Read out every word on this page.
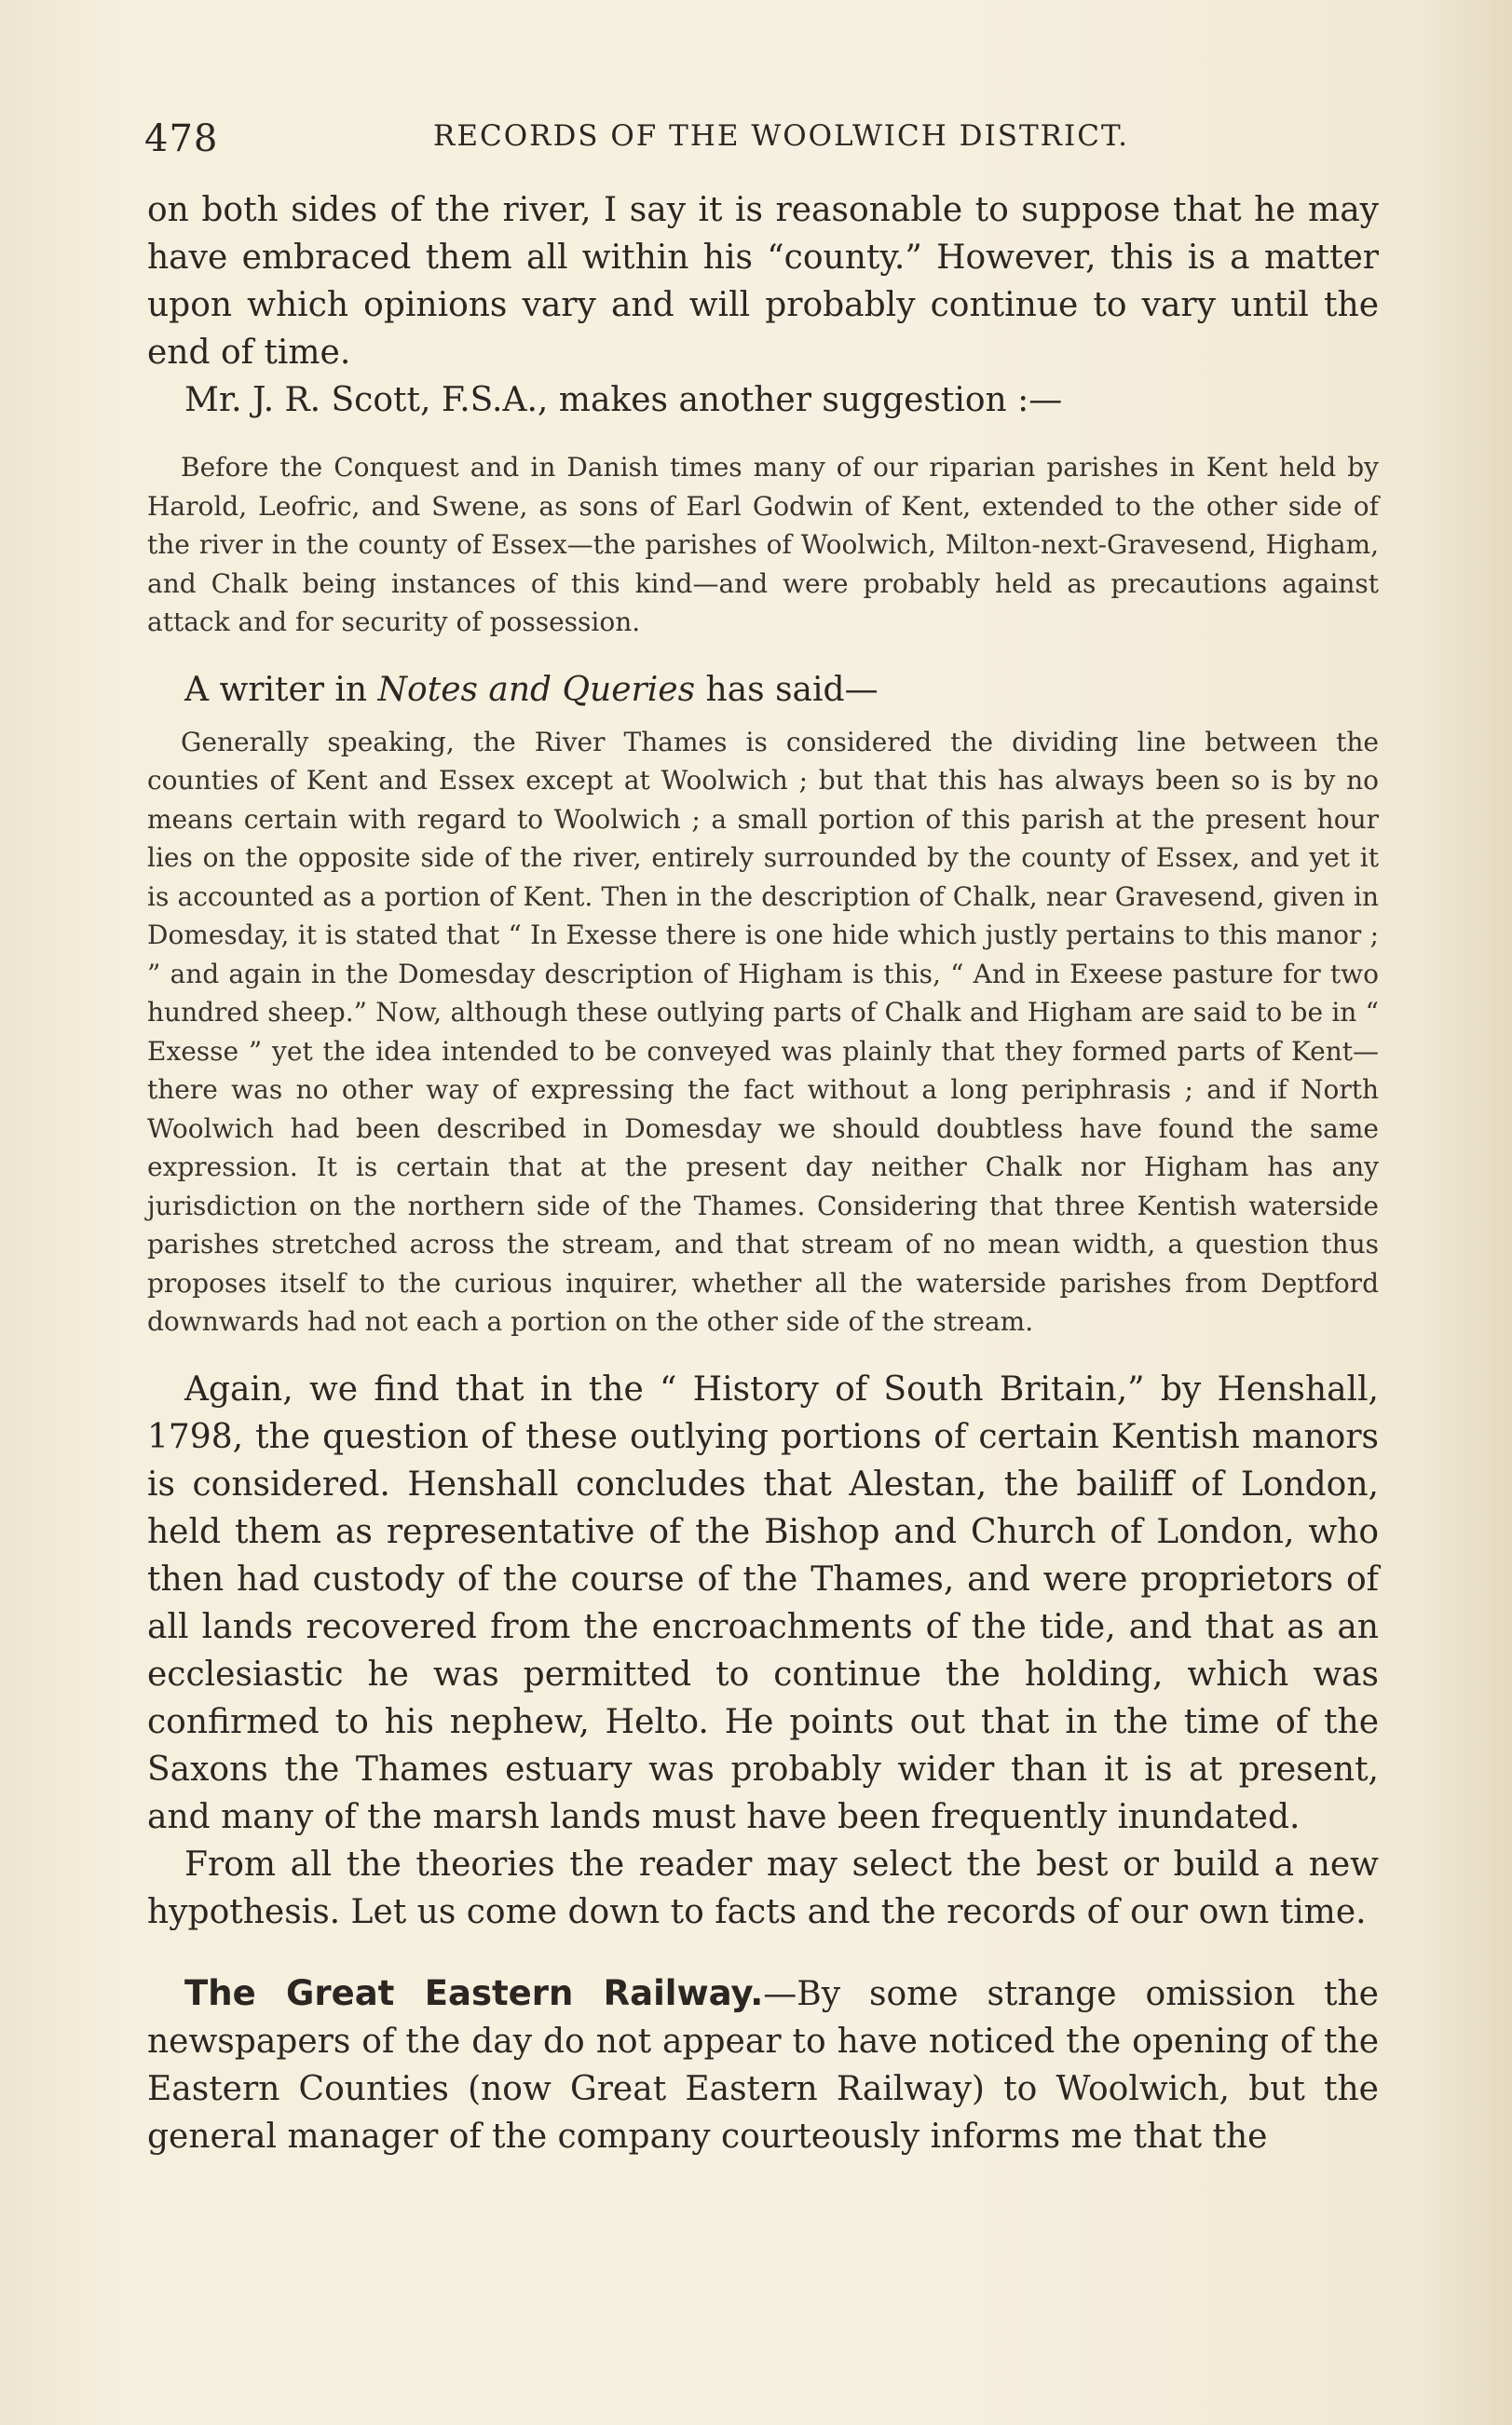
478	RECORDS OF THE WOOLWICH DISTRICT.

on both sides of the river, I say it is reasonable to suppose that he may have embraced them all within his “county.” However, this is a matter upon which opinions vary and will probably continue to vary until the end of time.

Mr. J. R. Scott, F.S.A., makes another suggestion :—

Before the Conquest and in Danish times many of our riparian parishes in Kent held by Harold, Leofric, and Swene, as sons of Earl Godwin of Kent, extended to the other side of the river in the county of Essex—the parishes of Woolwich, Milton-next-Gravesend, Higham, and Chalk being instances of this kind—and were probably held as precautions against attack and for security of possession.

A writer in Notes and Queries has said—

Generally speaking, the River Thames is considered the dividing line between the counties of Kent and Essex except at Woolwich ; but that this has always been so is by no means certain with regard to Woolwich ; a small portion of this parish at the present hour lies on the opposite side of the river, entirely surrounded by the county of Essex, and yet it is accounted as a portion of Kent. Then in the description of Chalk, near Gravesend, given in Domesday, it is stated that “ In Exesse there is one hide which justly pertains to this manor ; ” and again in the Domesday description of Higham is this, “ And in Exeese pasture for two hundred sheep.” Now, although these outlying parts of Chalk and Higham are said to be in “ Exesse ” yet the idea intended to be conveyed was plainly that they formed parts of Kent—there was no other way of expressing the fact without a long periphrasis ; and if North Woolwich had been described in Domesday we should doubtless have found the same expression. It is certain that at the present day neither Chalk nor Higham has any jurisdiction on the northern side of the Thames. Considering that three Kentish waterside parishes stretched across the stream, and that stream of no mean width, a question thus proposes itself to the curious inquirer, whether all the waterside parishes from Deptford downwards had not each a portion on the other side of the stream.

Again, we find that in the “ History of South Britain,” by Henshall, 1798, the question of these outlying portions of certain Kentish manors is considered. Henshall concludes that Alestan, the bailiff of London, held them as representative of the Bishop and Church of London, who then had custody of the course of the Thames, and were proprietors of all lands recovered from the encroachments of the tide, and that as an ecclesiastic he was permitted to continue the holding, which was confirmed to his nephew, Helto. He points out that in the time of the Saxons the Thames estuary was probably wider than it is at present, and many of the marsh lands must have been frequently inundated.

From all the theories the reader may select the best or build a new hypothesis. Let us come down to facts and the records of our own time.

The Great Eastern Railway.—By some strange omission the newspapers of the day do not appear to have noticed the opening of the Eastern Counties (now Great Eastern Railway) to Woolwich, but the general manager of the company courteously informs me that the
